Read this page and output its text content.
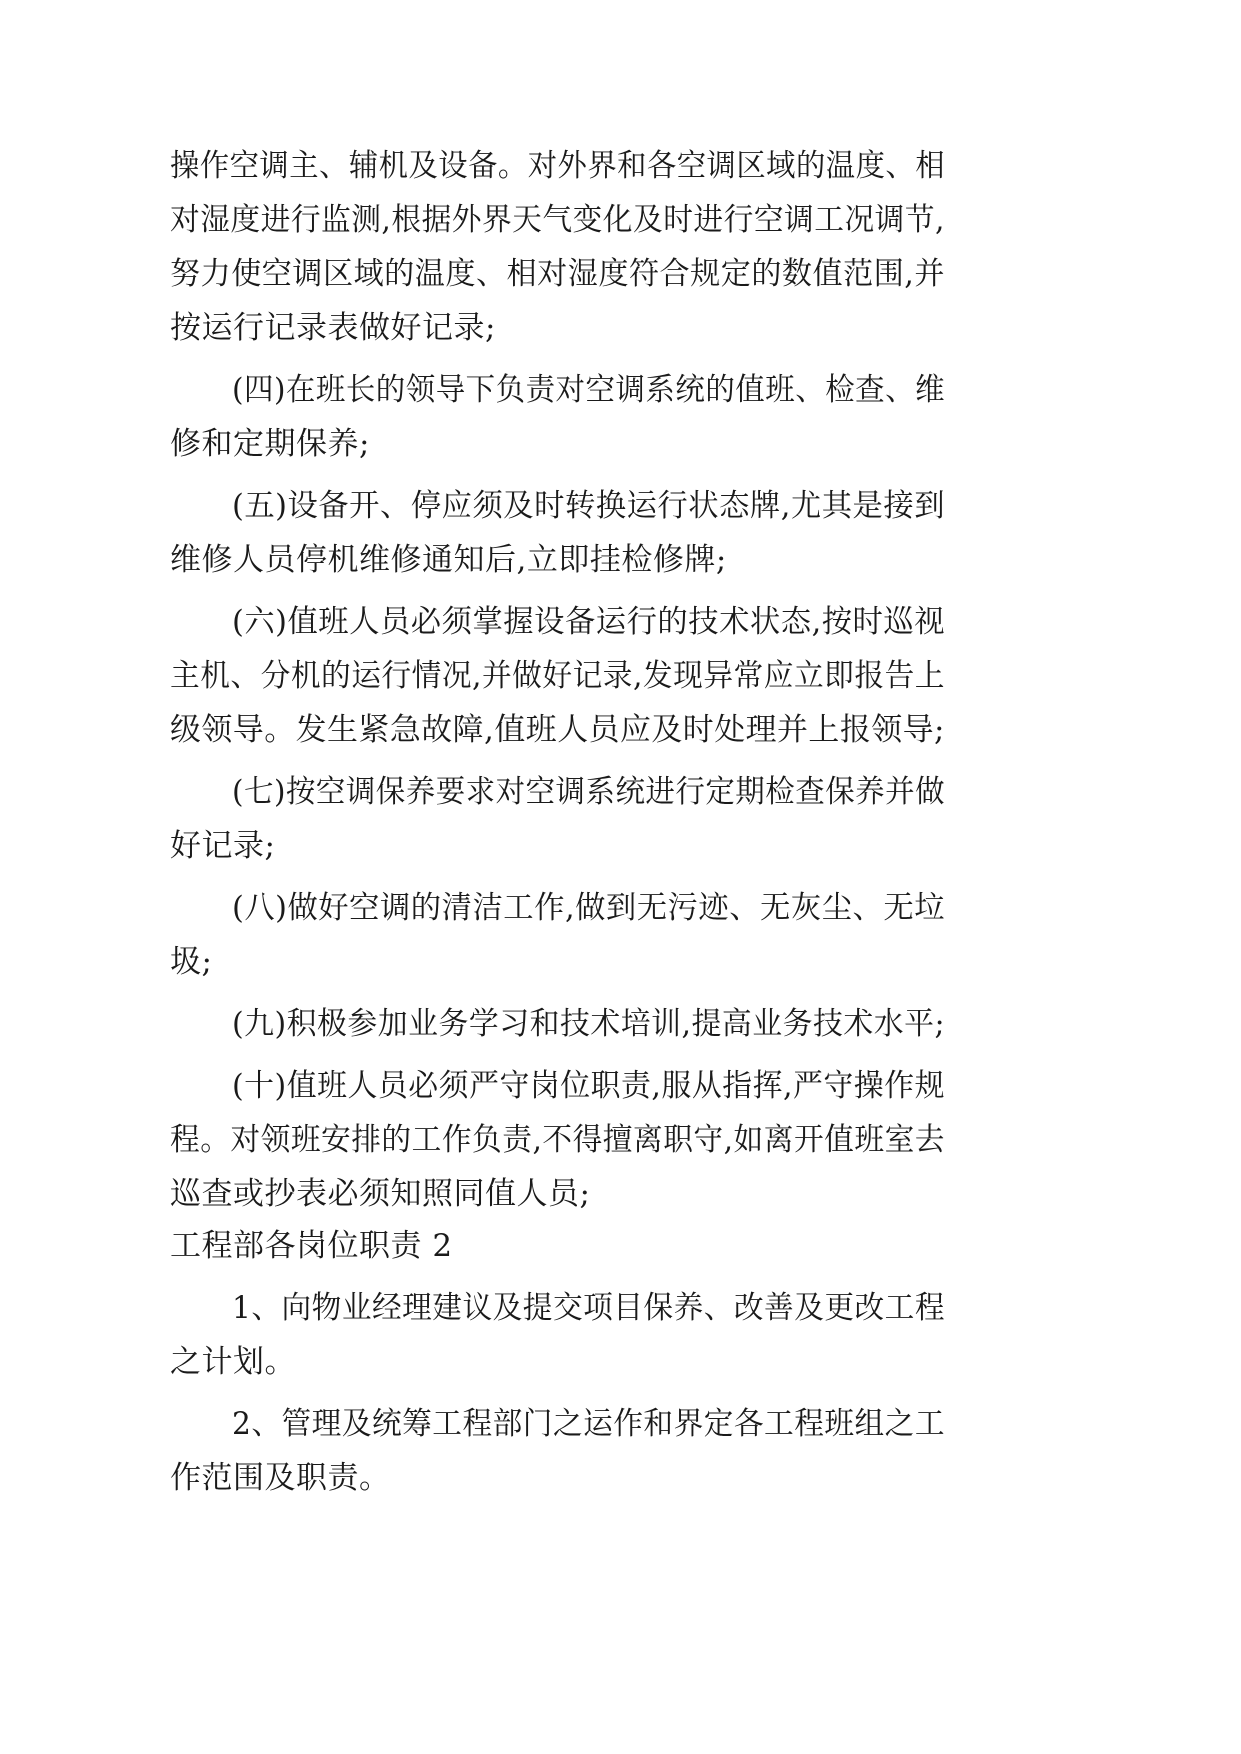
操作空调主、辅机及设备。对外界和各空调区域的温度、相
对湿度进行监测,根据外界天气变化及时进行空调工况调节,
努力使空调区域的温度、相对湿度符合规定的数值范围,并
按运行记录表做好记录;
(四)在班长的领导下负责对空调系统的值班、检查、维
修和定期保养;
(五)设备开、停应须及时转换运行状态牌,尤其是接到
维修人员停机维修通知后,立即挂检修牌;
(六)值班人员必须掌握设备运行的技术状态,按时巡视
主机、分机的运行情况,并做好记录,发现异常应立即报告上
级领导。发生紧急故障,值班人员应及时处理并上报领导;
(七)按空调保养要求对空调系统进行定期检查保养并做
好记录;
(八)做好空调的清洁工作,做到无污迹、无灰尘、无垃
圾;
(九)积极参加业务学习和技术培训,提高业务技术水平;
(十)值班人员必须严守岗位职责,服从指挥,严守操作规
程。对领班安排的工作负责,不得擅离职守,如离开值班室去
巡查或抄表必须知照同值人员;
工程部各岗位职责 2
1、向物业经理建议及提交项目保养、改善及更改工程
之计划。
2、管理及统筹工程部门之运作和界定各工程班组之工
作范围及职责。
